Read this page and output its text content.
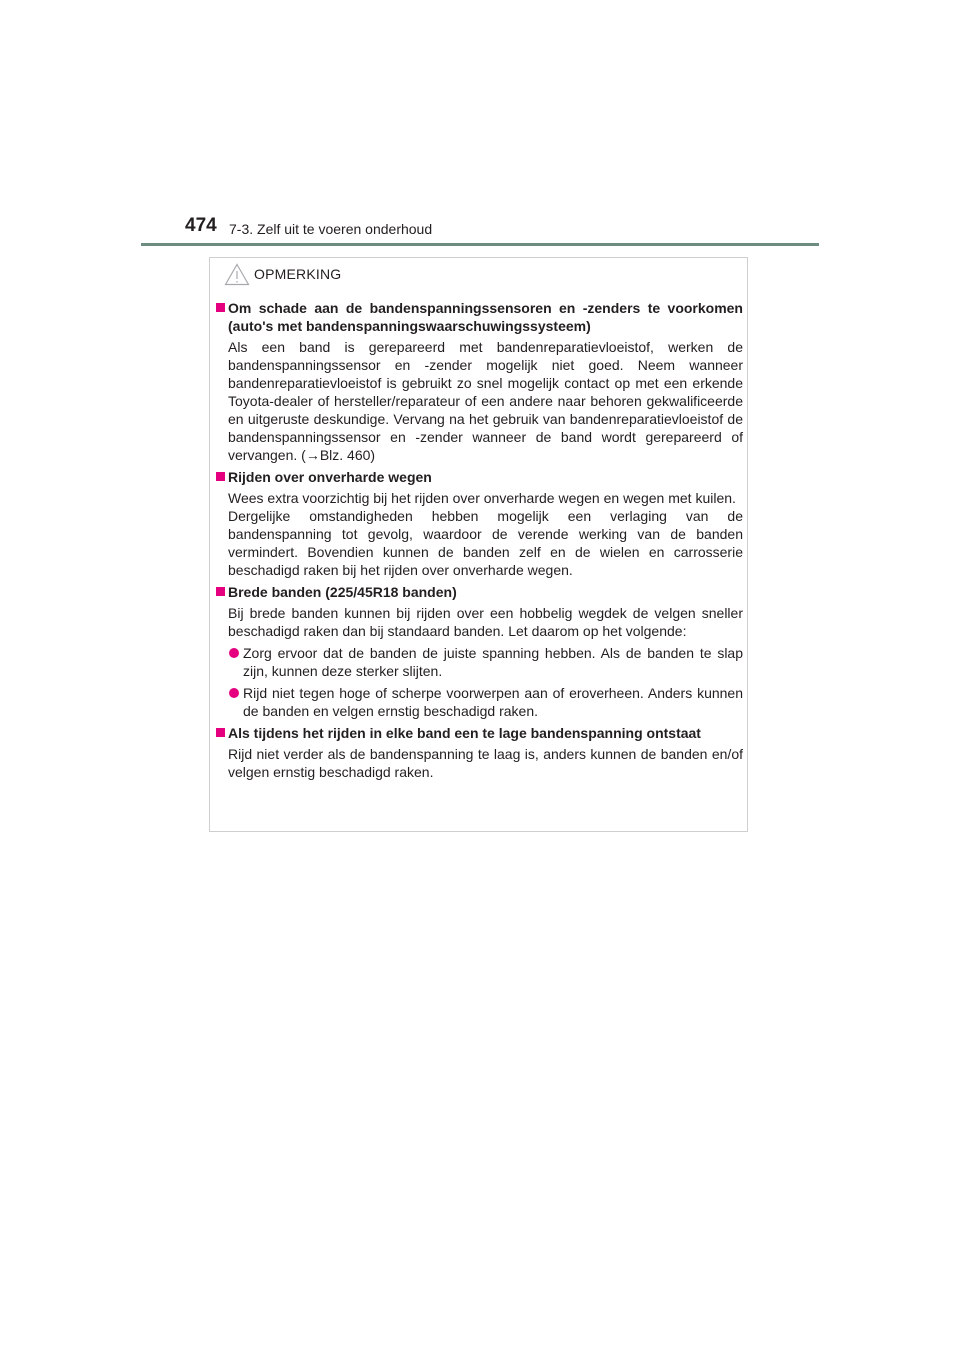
474 7-3. Zelf uit te voeren onderhoud
OPMERKING
Om schade aan de bandenspanningssensoren en -zenders te voorkomen (auto's met bandenspanningswaarschuwingssysteem)

Als een band is gerepareerd met bandenreparatievloeistof, werken de bandenspanningssensor en -zender mogelijk niet goed. Neem wanneer bandenreparatievloeistof is gebruikt zo snel mogelijk contact op met een erkende Toyota-dealer of hersteller/reparateur of een andere naar behoren gekwalificeerde en uitgeruste deskundige. Vervang na het gebruik van bandenreparatievloeistof de bandenspanningssensor en -zender wanneer de band wordt gerepareerd of vervangen. (→Blz. 460)

Rijden over onverharde wegen

Wees extra voorzichtig bij het rijden over onverharde wegen en wegen met kuilen.

Dergelijke omstandigheden hebben mogelijk een verlaging van de bandenspanning tot gevolg, waardoor de verende werking van de banden vermindert. Bovendien kunnen de banden zelf en de wielen en carrosserie beschadigd raken bij het rijden over onverharde wegen.

Brede banden (225/45R18 banden)

Bij brede banden kunnen bij rijden over een hobbelig wegdek de velgen sneller beschadigd raken dan bij standaard banden. Let daarom op het volgende:

Zorg ervoor dat de banden de juiste spanning hebben. Als de banden te slap zijn, kunnen deze sterker slijten.
Rijd niet tegen hoge of scherpe voorwerpen aan of eroverheen. Anders kunnen de banden en velgen ernstig beschadigd raken.
Als tijdens het rijden in elke band een te lage bandenspanning ontstaat

Rijd niet verder als de bandenspanning te laag is, anders kunnen de banden en/of velgen ernstig beschadigd raken.
